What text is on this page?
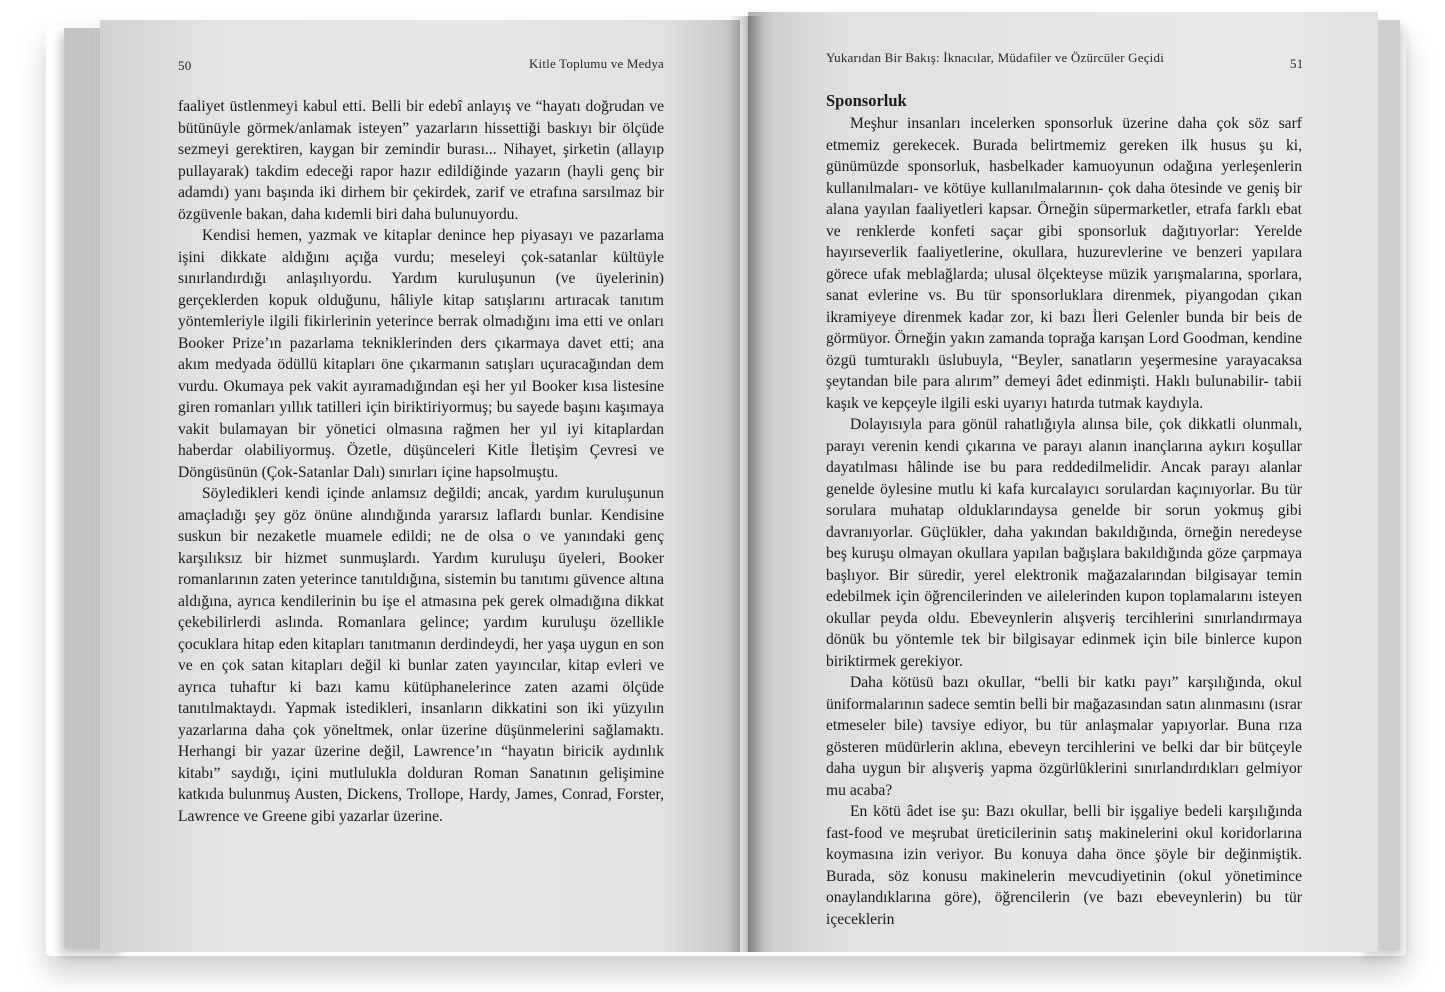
50	Kitle Toplumu ve Medya

faaliyet üstlenmeyi kabul etti. Belli bir edebî anlayış ve “hayatı doğrudan ve bütünüyle görmek/anlamak isteyen” yazarların hissettiği baskıyı bir ölçüde sezmeyi gerektiren, kaygan bir zemindir burası... Nihayet, şirketin (allayıp pullayarak) takdim edeceği rapor hazır edildiğinde yazarın (hayli genç bir adamdı) yanı başında iki dirhem bir çekirdek, zarif ve etrafına sarsılmaz bir özgüvenle bakan, daha kıdemli biri daha bulunuyordu.

Kendisi hemen, yazmak ve kitaplar denince hep piyasayı ve pazarlama işini dikkate aldığını açığa vurdu; meseleyi çok-satanlar kültüyle sınırlandırdığı anlaşılıyordu. Yardım kuruluşunun (ve üyelerinin) gerçeklerden kopuk olduğunu, hâliyle kitap satışlarını artıracak tanıtım yöntemleriyle ilgili fikirlerinin yeterince berrak olmadığını ima etti ve onları Booker Prize’ın pazarlama tekniklerinden ders çıkarmaya davet etti; ana akım medyada ödüllü kitapları öne çıkarmanın satışları uçuracağından dem vurdu. Okumaya pek vakit ayıramadığından eşi her yıl Booker kısa listesine giren romanları yıllık tatilleri için biriktiriyormuş; bu sayede başını kaşımaya vakit bulamayan bir yönetici olmasına rağmen her yıl iyi kitaplardan haberdar olabiliyormuş. Özetle, düşünceleri Kitle İletişim Çevresi ve Döngüsünün (Çok-Satanlar Dalı) sınırları içine hapsolmuştu.

Söyledikleri kendi içinde anlamsız değildi; ancak, yardım kuruluşunun amaçladığı şey göz önüne alındığında yararsız laflardı bunlar. Kendisine suskun bir nezaketle muamele edildi; ne de olsa o ve yanındaki genç karşılıksız bir hizmet sunmuşlardı. Yardım kuruluşu üyeleri, Booker romanlarının zaten yeterince tanıtıldığına, sistemin bu tanıtımı güvence altına aldığına, ayrıca kendilerinin bu işe el atmasına pek gerek olmadığına dikkat çekebilirlerdi aslında. Romanlara gelince; yardım kuruluşu özellikle çocuklara hitap eden kitapları tanıtmanın derdindeydi, her yaşa uygun en son ve en çok satan kitapları değil ki bunlar zaten yayıncılar, kitap evleri ve ayrıca tuhaftır ki bazı kamu kütüphanelerince zaten azami ölçüde tanıtılmaktaydı. Yapmak istedikleri, insanların dikkatini son iki yüzyılın yazarlarına daha çok yöneltmek, onlar üzerine düşünmelerini sağlamaktı. Herhangi bir yazar üzerine değil, Lawrence’ın “hayatın biricik aydınlık kitabı” saydığı, içini mutlulukla dolduran Roman Sanatının gelişimine katkıda bulunmuş Austen, Dickens, Trollope, Hardy, James, Conrad, Forster, Lawrence ve Greene gibi yazarlar üzerine.

Yukarıdan Bir Bakış: İknacılar, Müdafiler ve Özürcüler Geçidi	51
Sponsorluk

Meşhur insanları incelerken sponsorluk üzerine daha çok söz sarf etmemiz gerekecek. Burada belirtmemiz gereken ilk husus şu ki, günümüzde sponsorluk, hasbelkader kamuoyunun odağına yerleşenlerin kullanılmaları- ve kötüye kullanılmalarının- çok daha ötesinde ve geniş bir alana yayılan faaliyetleri kapsar. Örneğin süpermarketler, etrafa farklı ebat ve renklerde konfeti saçar gibi sponsorluk dağıtıyorlar: Yerelde hayırseverlik faaliyetlerine, okullara, huzurevlerine ve benzeri yapılara görece ufak meblağlarda; ulusal ölçekteyse müzik yarışmalarına, sporlara, sanat evlerine vs. Bu tür sponsorluklara direnmek, piyangodan çıkan ikramiyeye direnmek kadar zor, ki bazı İleri Gelenler bunda bir beis de görmüyor. Örneğin yakın zamanda toprağa karışan Lord Goodman, kendine özgü tumturaklı üslubuyla, “Beyler, sanatların yeşermesine yarayacaksa şeytandan bile para alırım” demeyi âdet edinmişti. Haklı bulunabilir- tabii kaşık ve kepçeyle ilgili eski uyarıyı hatırda tutmak kaydıyla.

Dolayısıyla para gönül rahatlığıyla alınsa bile, çok dikkatli olunmalı, parayı verenin kendi çıkarına ve parayı alanın inançlarına aykırı koşullar dayatılması hâlinde ise bu para reddedilmelidir. Ancak parayı alanlar genelde öylesine mutlu ki kafa kurcalayıcı sorulardan kaçınıyorlar. Bu tür sorulara muhatap olduklarındaysa genelde bir sorun yokmuş gibi davranıyorlar. Güçlükler, daha yakından bakıldığında, örneğin neredeyse beş kuruşu olmayan okullara yapılan bağışlara bakıldığında göze çarpmaya başlıyor. Bir süredir, yerel elektronik mağazalarından bilgisayar temin edebilmek için öğrencilerinden ve ailelerinden kupon toplamalarını isteyen okullar peyda oldu. Ebeveynlerin alışveriş tercihlerini sınırlandırmaya dönük bu yöntemle tek bir bilgisayar edinmek için bile binlerce kupon biriktirmek gerekiyor.

Daha kötüsü bazı okullar, “belli bir katkı payı” karşılığında, okul üniformalarının sadece semtin belli bir mağazasından satın alınmasını (ısrar etmeseler bile) tavsiye ediyor, bu tür anlaşmalar yapıyorlar. Buna rıza gösteren müdürlerin aklına, ebeveyn tercihlerini ve belki dar bir bütçeyle daha uygun bir alışveriş yapma özgürlüklerini sınırlandırdıkları gelmiyor mu acaba?

En kötü âdet ise şu: Bazı okullar, belli bir işgaliye bedeli karşılığında fast-food ve meşrubat üreticilerinin satış makinelerini okul koridorlarına koymasına izin veriyor. Bu konuya daha önce şöyle bir değinmiştik. Burada, söz konusu makinelerin mevcudiyetinin (okul yönetimince onaylandıklarına göre), öğrencilerin (ve bazı ebeveynlerin) bu tür içeceklerin
